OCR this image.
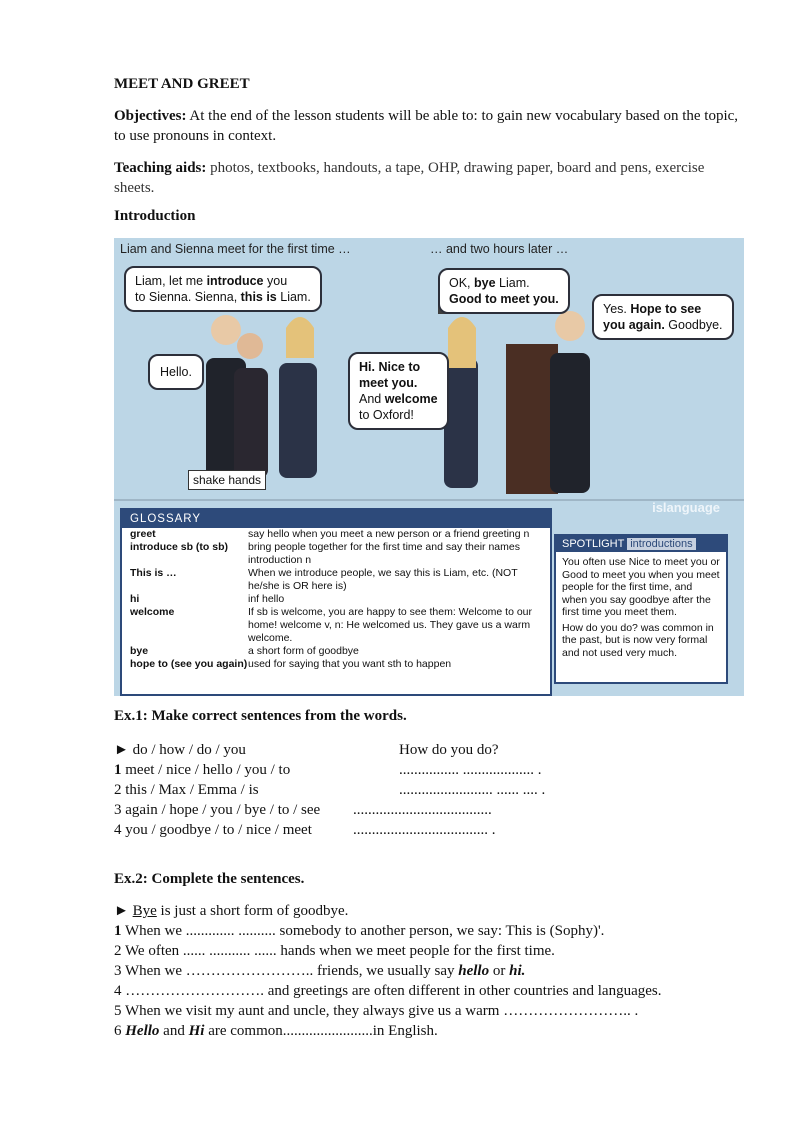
MEET AND GREET
Objectives: At the end of the lesson students will be able to: to gain new vocabulary based on the topic, to use pronouns in context.
Teaching aids: photos, textbooks, handouts, a tape, OHP, drawing paper, board and pens, exercise sheets.
Introduction
Liam and Sienna meet for the first time …	… and two hours later …
Liam, let me introduce you
to Sienna. Sienna, this is Liam.
Hello.	Hi. Nice to
meet you.
And welcome
to Oxford!
OK, bye Liam.
Good to meet you.
Yes. Hope to see
you again. Goodbye.
shake hands
islanguage
GLOSSARY
greet	say hello when you meet a new person or a friend greeting n
introduce sb (to sb)	bring people together for the first time and say their names introduction n
This is …	When we introduce people, we say this is Liam, etc. (NOT he/she is OR here is)
hi	inf hello
welcome	If sb is welcome, you are happy to see them: Welcome to our home! welcome v, n: He welcomed us. They gave us a warm welcome.
bye	a short form of goodbye
hope to (see you again) used for saying that you want sth to happen
SPOTLIGHT introductions
You often use Nice to meet you or Good to meet you when you meet people for the first time, and when you say goodbye after the first time you meet them.
How do you do? was common in the past, but is now very formal and not used very much.
Ex.1: Make correct sentences from the words.
► do / how / do / you	How do you do?
1 meet / nice / hello / you / to	................ ................... .
2 this / Max / Emma / is	......................... ...... .... .
3 again / hope / you / bye / to / see .....................................
4 you / goodbye / to / nice / meet	.................................... .
Ex.2: Complete the sentences.
► Bye is just a short form of goodbye.
1 When we ............. .......... somebody to another person, we say: This is (Sophy)'.
2 We often ...... ........... ...... hands when we meet people for the first time.
3 When we …………………….. friends, we usually say hello or hi.
4 ………………………. and greetings are often different in other countries and languages.
5 When we visit my aunt and uncle, they always give us a warm …………………….. .
6 Hello and Hi are common........................in English.
